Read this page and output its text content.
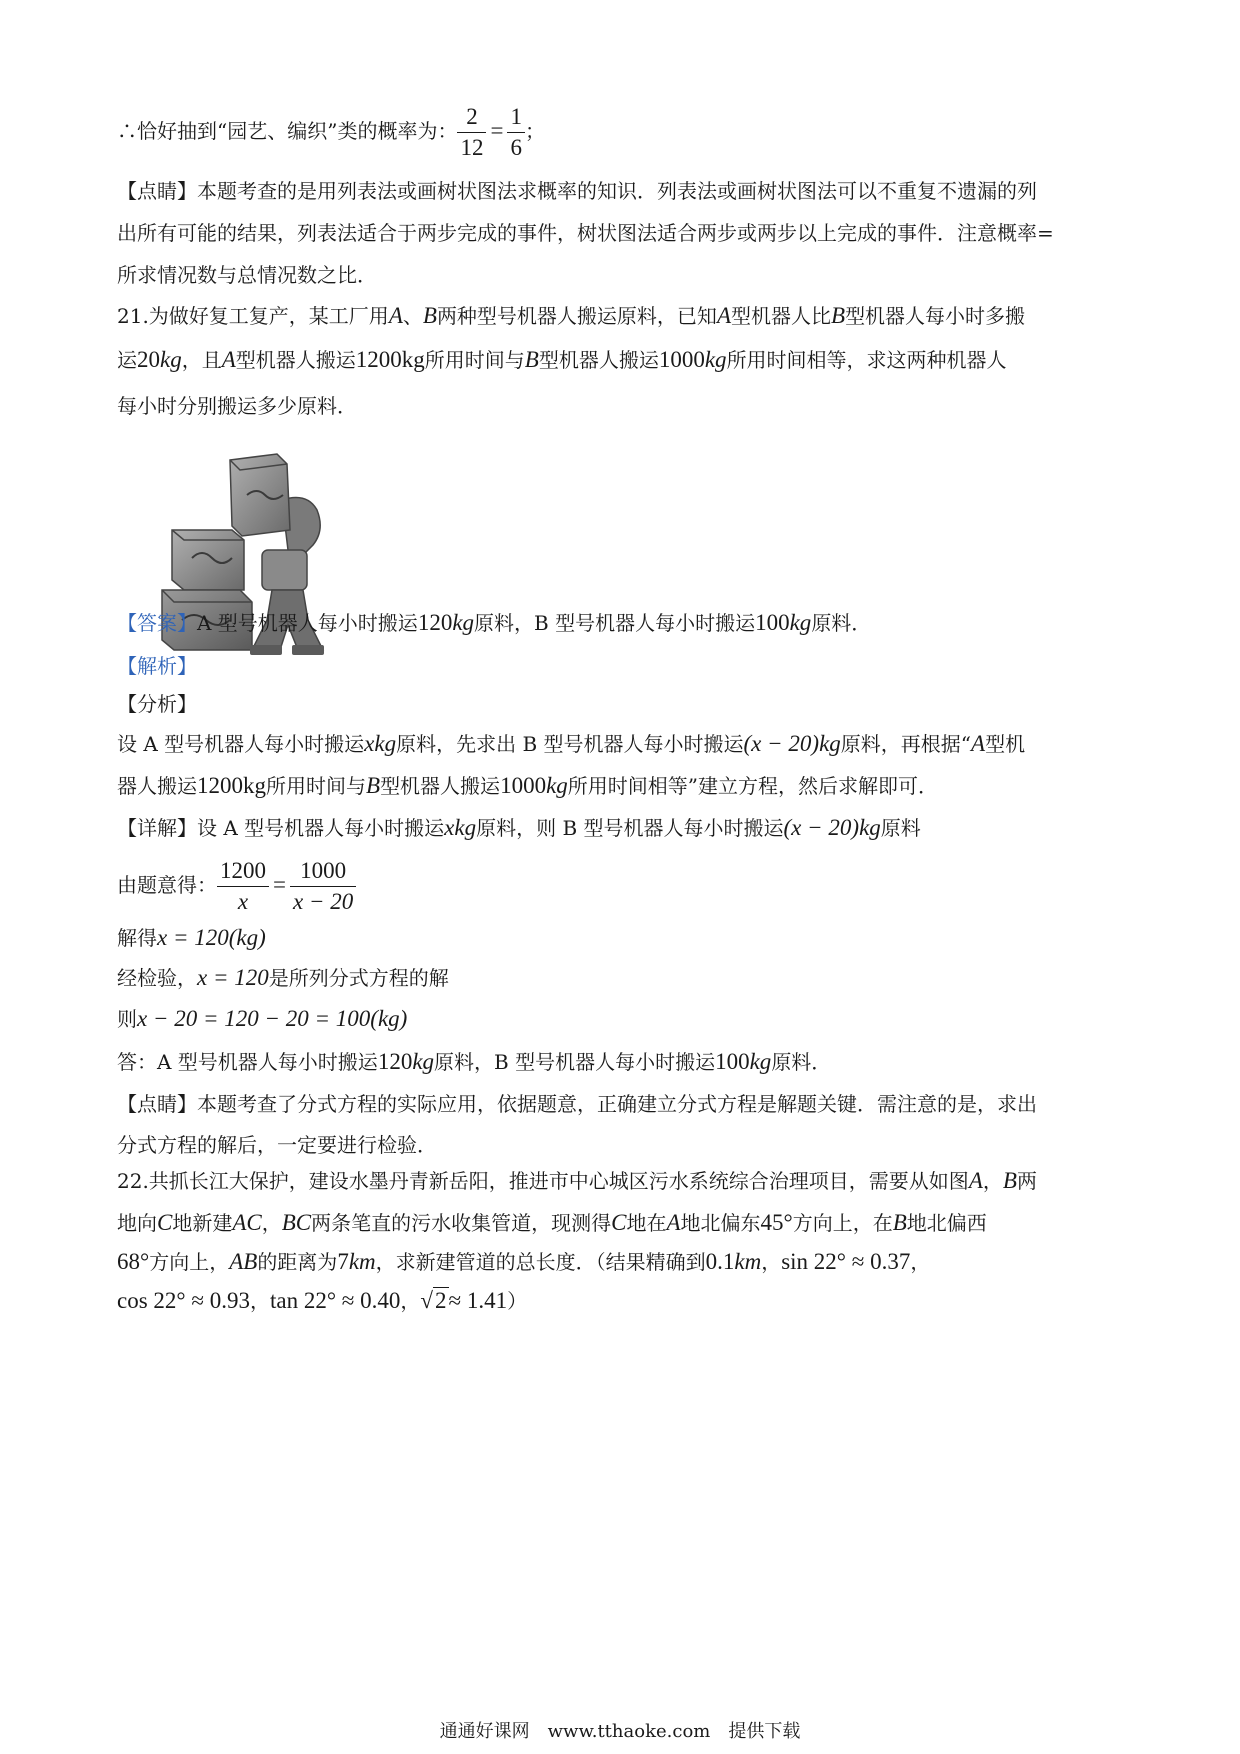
∴恰好抽到“园艺、编织”类的概率为： $\frac{2}{12} = \frac{1}{6}$ ；
【点睛】本题考查的是用列表法或画树状图法求概率的知识．列表法或画树状图法可以不重复不遗漏的列
出所有可能的结果，列表法适合于两步完成的事件，树状图法适合两步或两步以上完成的事件．注意概率=
所求情况数与总情况数之比．
21.为做好复工复产，某工厂用A、B两种型号机器人搬运原料，已知A型机器人比B型机器人每小时多搬
运20kg，且A型机器人搬运1200kg所用时间与B型机器人搬运1000kg所用时间相等，求这两种机器人
每小时分别搬运多少原料．
【答案】A 型号机器人每小时搬运120kg原料，B 型号机器人每小时搬运100kg原料．
【解析】
【分析】
设 A 型号机器人每小时搬运xkg原料，先求出 B 型号机器人每小时搬运(x − 20)kg原料，再根据“A型机
器人搬运1200kg所用时间与B型机器人搬运1000kg所用时间相等”建立方程，然后求解即可．
【详解】设 A 型号机器人每小时搬运xkg原料，则 B 型号机器人每小时搬运(x − 20)kg原料
由题意得： $\frac{1200}{x} = \frac{1000}{x - 20}$
解得x = 120(kg)
经检验，x = 120是所列分式方程的解
则x − 20 = 120 − 20 = 100(kg)
答：A 型号机器人每小时搬运120kg原料，B 型号机器人每小时搬运100kg原料．
【点睛】本题考查了分式方程的实际应用，依据题意，正确建立分式方程是解题关键．需注意的是，求出
分式方程的解后，一定要进行检验．
22.共抓长江大保护，建设水墨丹青新岳阳，推进市中心城区污水系统综合治理项目，需要从如图A，B两
地向C地新建AC，BC两条笔直的污水收集管道，现测得C地在A地北偏东45°方向上，在B地北偏西
68°方向上，AB的距离为7km，求新建管道的总长度．（结果精确到0.1km，sin 22° ≈ 0.37，
cos 22° ≈ 0.93，tan 22° ≈ 0.40，√2≈ 1.41）
通通好课网　www.tthaoke.com　提供下载
